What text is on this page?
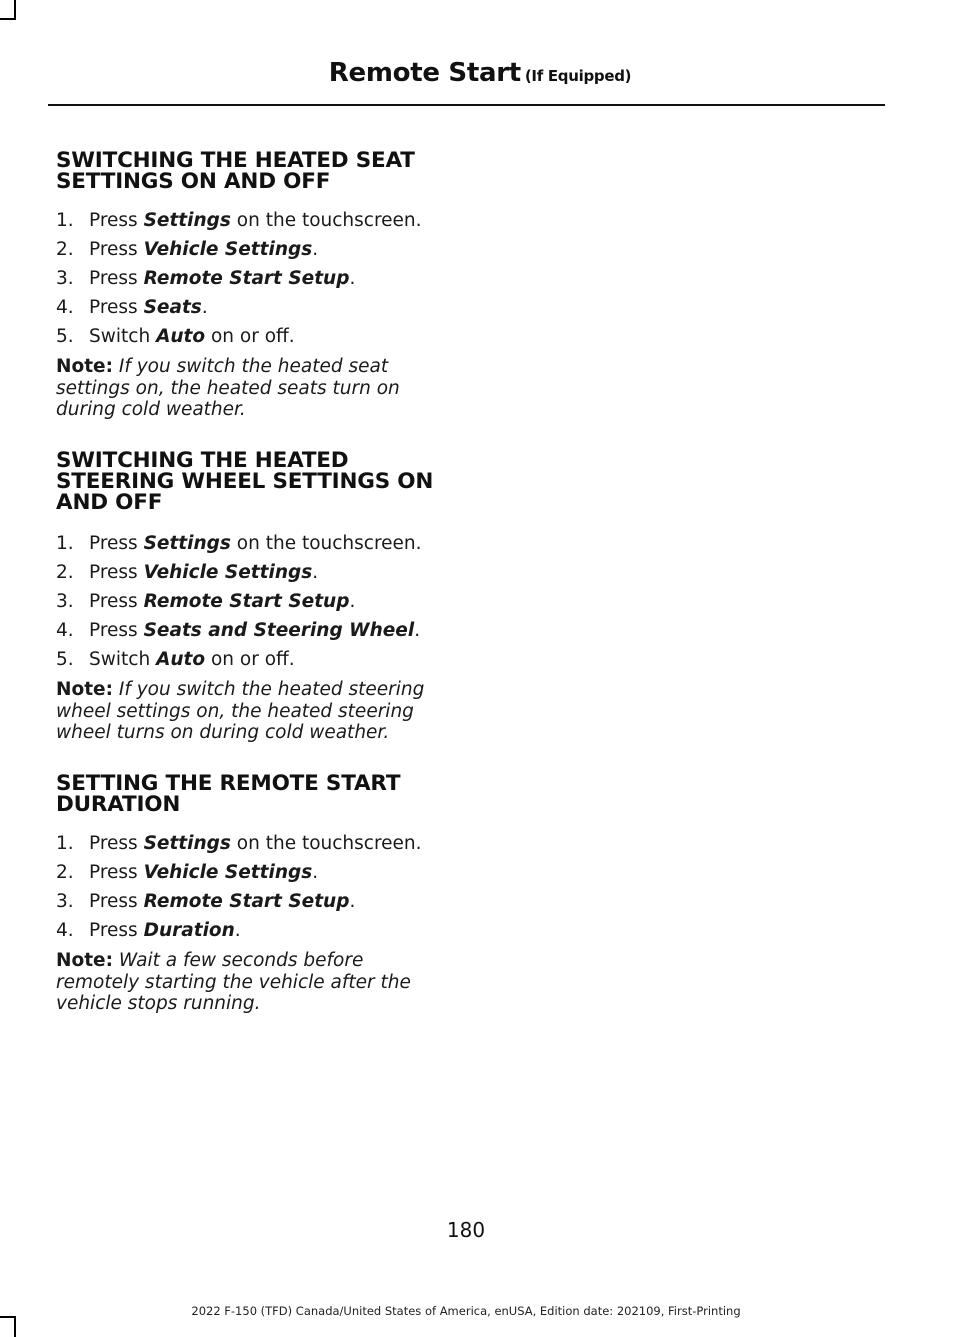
Remote Start (If Equipped)
SWITCHING THE HEATED SEAT
SETTINGS ON AND OFF
1. Press Settings on the touchscreen.
2. Press Vehicle Settings.
3. Press Remote Start Setup.
4. Press Seats.
5. Switch Auto on or off.
Note: If you switch the heated seat settings on, the heated seats turn on during cold weather.
SWITCHING THE HEATED
STEERING WHEEL SETTINGS ON
AND OFF
1. Press Settings on the touchscreen.
2. Press Vehicle Settings.
3. Press Remote Start Setup.
4. Press Seats and Steering Wheel.
5. Switch Auto on or off.
Note: If you switch the heated steering wheel settings on, the heated steering wheel turns on during cold weather.
SETTING THE REMOTE START
DURATION
1. Press Settings on the touchscreen.
2. Press Vehicle Settings.
3. Press Remote Start Setup.
4. Press Duration.
Note: Wait a few seconds before remotely starting the vehicle after the vehicle stops running.
180
2022 F-150 (TFD) Canada/United States of America, enUSA, Edition date: 202109, First-Printing
